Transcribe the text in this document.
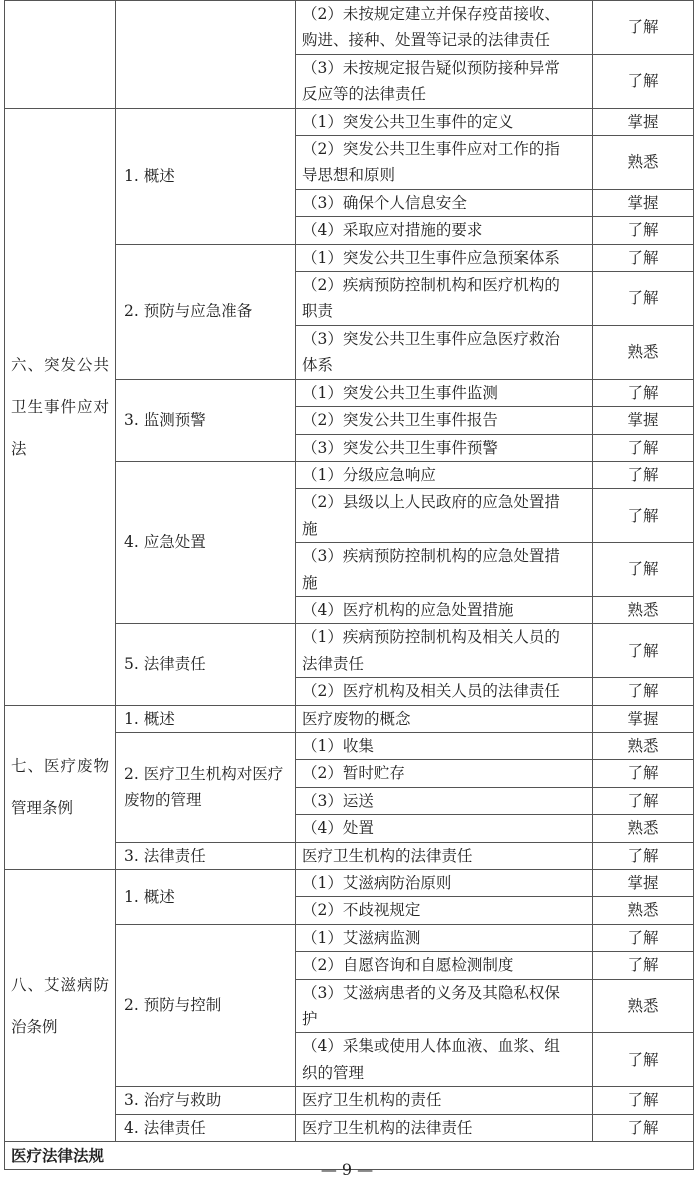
		（2）未按规定建立并保存疫苗接收、购进、接种、处置等记录的法律责任	了解
		（3）未按规定报告疑似预防接种异常反应等的法律责任	了解
六、突发公共卫生事件应对法	1. 概述	（1）突发公共卫生事件的定义	掌握
		（2）突发公共卫生事件应对工作的指导思想和原则	熟悉
		（3）确保个人信息安全	掌握
		（4）采取应对措施的要求	了解
	2. 预防与应急准备	（1）突发公共卫生事件应急预案体系	了解
		（2）疾病预防控制机构和医疗机构的职责	了解
		（3）突发公共卫生事件应急医疗救治体系	熟悉
	3. 监测预警	（1）突发公共卫生事件监测	了解
		（2）突发公共卫生事件报告	掌握
		（3）突发公共卫生事件预警	了解
	4. 应急处置	（1）分级应急响应	了解
		（2）县级以上人民政府的应急处置措施	了解
		（3）疾病预防控制机构的应急处置措施	了解
		（4）医疗机构的应急处置措施	熟悉
	5. 法律责任	（1）疾病预防控制机构及相关人员的法律责任	了解
		（2）医疗机构及相关人员的法律责任	了解
七、医疗废物管理条例	1. 概述	医疗废物的概念	掌握
	2. 医疗卫生机构对医疗废物的管理	（1）收集	熟悉
		（2）暂时贮存	了解
		（3）运送	了解
		（4）处置	熟悉
	3. 法律责任	医疗卫生机构的法律责任	了解
八、艾滋病防治条例	1. 概述	（1）艾滋病防治原则	掌握
		（2）不歧视规定	熟悉
	2. 预防与控制	（1）艾滋病监测	了解
		（2）自愿咨询和自愿检测制度	了解
		（3）艾滋病患者的义务及其隐私权保护	熟悉
		（4）采集或使用人体血液、血浆、组织的管理	了解
	3. 治疗与救助	医疗卫生机构的责任	了解
	4. 法律责任	医疗卫生机构的法律责任	了解
医疗法律法规			
— 9 —
